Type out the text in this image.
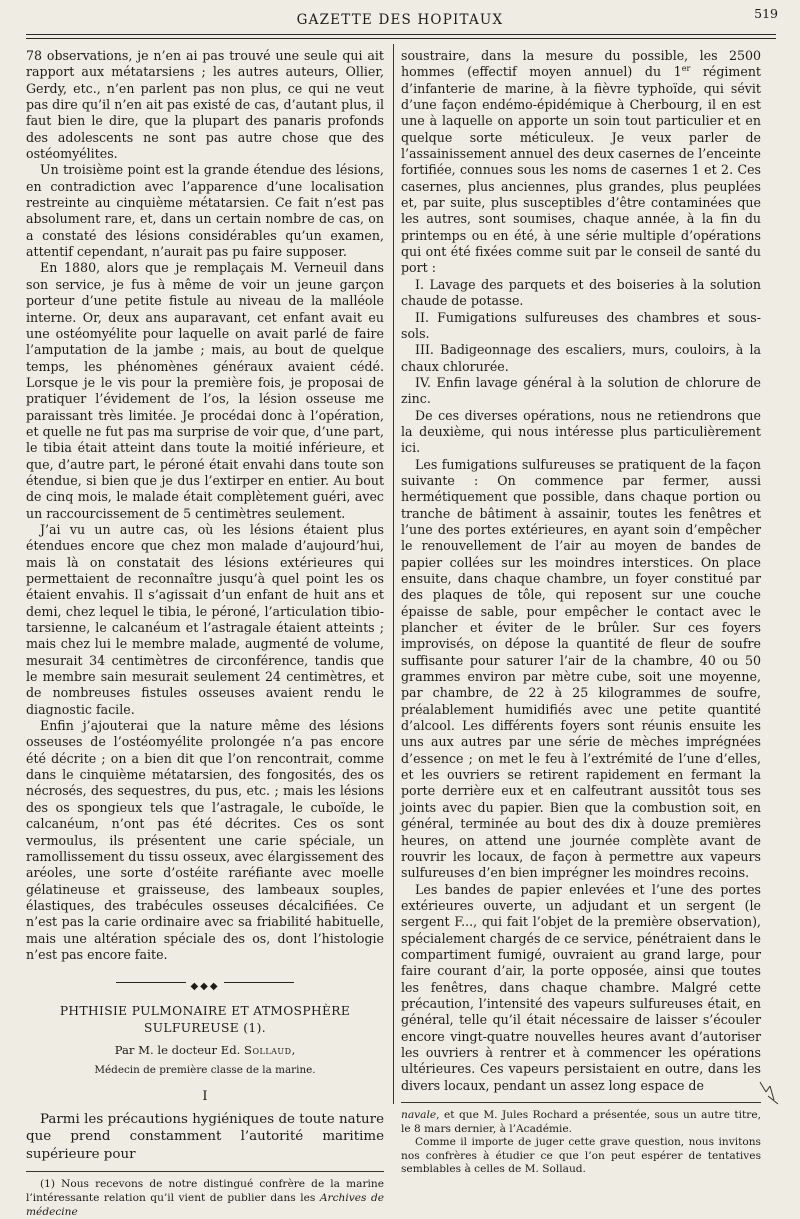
GAZETTE DES HOPITAUX	519

78 observations, je n’en ai pas trouvé une seule qui ait rapport aux métatarsiens ; les autres auteurs, Ollier, Gerdy, etc., n’en parlent pas non plus, ce qui ne veut pas dire qu’il n’en ait pas existé de cas, d’autant plus, il faut bien le dire, que la plupart des panaris profonds des adolescents ne sont pas autre chose que des ostéomyélites.

Un troisième point est la grande étendue des lésions, en contradiction avec l’apparence d’une localisation restreinte au cinquième métatarsien. Ce fait n’est pas absolument rare, et, dans un certain nombre de cas, on a constaté des lésions considérables qu’un examen, attentif cependant, n’aurait pas pu faire supposer.

En 1880, alors que je remplaçais M. Verneuil dans son service, je fus à même de voir un jeune garçon porteur d’une petite fistule au niveau de la malléole interne. Or, deux ans auparavant, cet enfant avait eu une ostéomyélite pour laquelle on avait parlé de faire l’amputation de la jambe ; mais, au bout de quelque temps, les phénomènes généraux avaient cédé. Lorsque je le vis pour la première fois, je proposai de pratiquer l’évidement de l’os, la lésion osseuse me paraissant très limitée. Je procédai donc à l’opération, et quelle ne fut pas ma surprise de voir que, d’une part, le tibia était atteint dans toute la moitié inférieure, et que, d’autre part, le péroné était envahi dans toute son étendue, si bien que je dus l’extirper en entier. Au bout de cinq mois, le malade était complètement guéri, avec un raccourcissement de 5 centimètres seulement.

J’ai vu un autre cas, où les lésions étaient plus étendues encore que chez mon malade d’aujourd’hui, mais là on constatait des lésions extérieures qui permettaient de reconnaître jusqu’à quel point les os étaient envahis. Il s’agissait d’un enfant de huit ans et demi, chez lequel le tibia, le péroné, l’articulation tibio-tarsienne, le calcanéum et l’astragale étaient atteints ; mais chez lui le membre malade, augmenté de volume, mesurait 34 centimètres de circonférence, tandis que le membre sain mesurait seulement 24 centimètres, et de nombreuses fistules osseuses avaient rendu le diagnostic facile.

Enfin j’ajouterai que la nature même des lésions osseuses de l’ostéomyélite prolongée n’a pas encore été décrite ; on a bien dit que l’on rencontrait, comme dans le cinquième métatarsien, des fongosités, des os nécrosés, des sequestres, du pus, etc. ; mais les lésions des os spongieux tels que l’astragale, le cuboïde, le calcanéum, n’ont pas été décrites. Ces os sont vermoulus, ils présentent une carie spéciale, un ramollissement du tissu osseux, avec élargissement des aréoles, une sorte d’ostéite raréfiante avec moelle gélatineuse et graisseuse, des lambeaux souples, élastiques, des trabécules osseuses décalcifiées. Ce n’est pas la carie ordinaire avec sa friabilité habituelle, mais une altération spéciale des os, dont l’histologie n’est pas encore faite.

◆◆◆
PHTHISIE PULMONAIRE ET ATMOSPHÈRE SULFUREUSE (1).
Par M. le docteur Ed. Sollaud,
Médecin de première classe de la marine.
I

Parmi les précautions hygiéniques de toute nature que prend constamment l’autorité maritime supérieure pour

(1) Nous recevons de notre distingué confrère de la marine l’intéressante relation qu’il vient de publier dans les Archives de médecine

soustraire, dans la mesure du possible, les 2500 hommes (effectif moyen annuel) du 1er régiment d’infanterie de marine, à la fièvre typhoïde, qui sévit d’une façon endémo-épidémique à Cherbourg, il en est une à laquelle on apporte un soin tout particulier et en quelque sorte méticuleux. Je veux parler de l’assainissement annuel des deux casernes de l’enceinte fortifiée, connues sous les noms de casernes 1 et 2. Ces casernes, plus anciennes, plus grandes, plus peuplées et, par suite, plus susceptibles d’être contaminées que les autres, sont soumises, chaque année, à la fin du printemps ou en été, à une série multiple d’opérations qui ont été fixées comme suit par le conseil de santé du port :

I. Lavage des parquets et des boiseries à la solution chaude de potasse.

II. Fumigations sulfureuses des chambres et sous-sols.

III. Badigeonnage des escaliers, murs, couloirs, à la chaux chlorurée.

IV. Enfin lavage général à la solution de chlorure de zinc.

De ces diverses opérations, nous ne retiendrons que la deuxième, qui nous intéresse plus particulièrement ici.

Les fumigations sulfureuses se pratiquent de la façon suivante : On commence par fermer, aussi hermétiquement que possible, dans chaque portion ou tranche de bâtiment à assainir, toutes les fenêtres et l’une des portes extérieures, en ayant soin d’empêcher le renouvellement de l’air au moyen de bandes de papier collées sur les moindres interstices. On place ensuite, dans chaque chambre, un foyer constitué par des plaques de tôle, qui reposent sur une couche épaisse de sable, pour empêcher le contact avec le plancher et éviter de le brûler. Sur ces foyers improvisés, on dépose la quantité de fleur de soufre suffisante pour saturer l’air de la chambre, 40 ou 50 grammes environ par mètre cube, soit une moyenne, par chambre, de 22 à 25 kilogrammes de soufre, préalablement humidifiés avec une petite quantité d’alcool. Les différents foyers sont réunis ensuite les uns aux autres par une série de mèches imprégnées d’essence ; on met le feu à l’extrémité de l’une d’elles, et les ouvriers se retirent rapidement en fermant la porte derrière eux et en calfeutrant aussitôt tous ses joints avec du papier. Bien que la combustion soit, en général, terminée au bout des dix à douze premières heures, on attend une journée complète avant de rouvrir les locaux, de façon à permettre aux vapeurs sulfureuses d’en bien imprégner les moindres recoins.

Les bandes de papier enlevées et l’une des portes extérieures ouverte, un adjudant et un sergent (le sergent F..., qui fait l’objet de la première observation), spécialement chargés de ce service, pénétraient dans le compartiment fumigé, ouvraient au grand large, pour faire courant d’air, la porte opposée, ainsi que toutes les fenêtres, dans chaque chambre. Malgré cette précaution, l’intensité des vapeurs sulfureuses était, en général, telle qu’il était nécessaire de laisser s’écouler encore vingt-quatre nouvelles heures avant d’autoriser les ouvriers à rentrer et à commencer les opérations ultérieures. Ces vapeurs persistaient en outre, dans les divers locaux, pendant un assez long espace de

navale, et que M. Jules Rochard a présentée, sous un autre titre, le 8 mars dernier, à l’Académie.

Comme il importe de juger cette grave question, nous invitons nos confrères à étudier ce que l’on peut espérer de tentatives semblables à celles de M. Sollaud.
